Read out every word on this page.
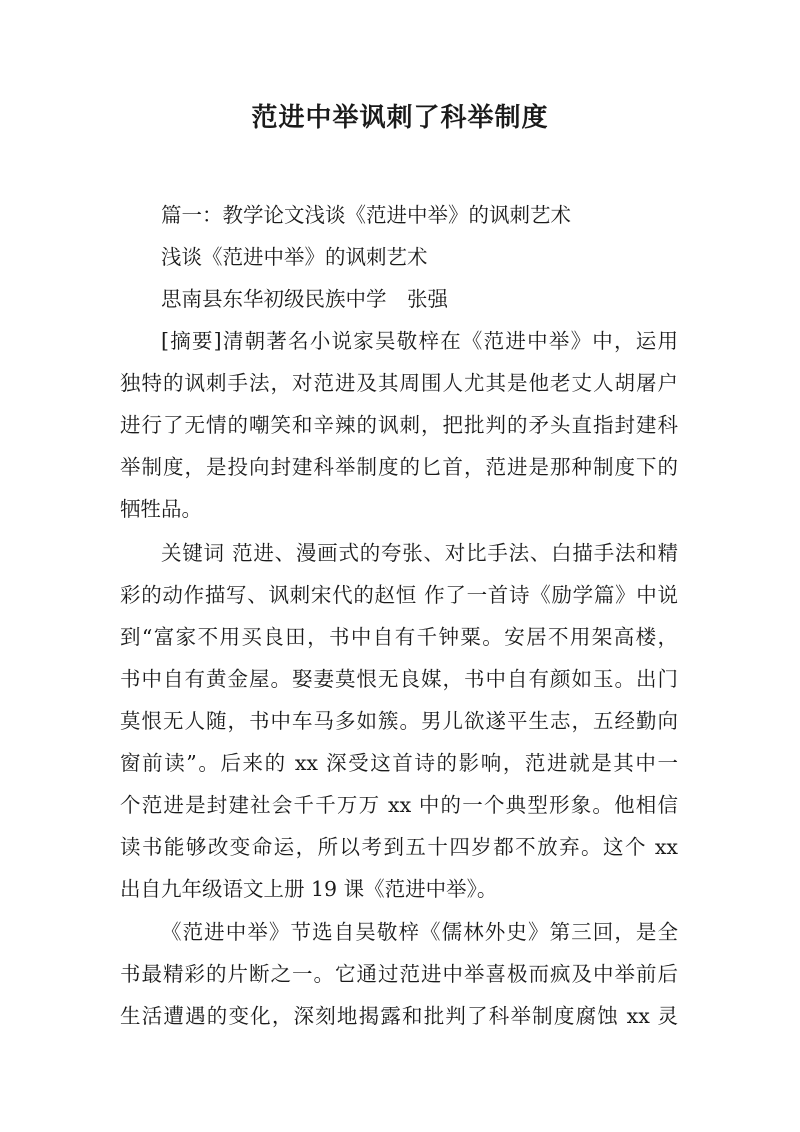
范进中举讽刺了科举制度
篇一：教学论文浅谈《范进中举》的讽刺艺术
浅谈《范进中举》的讽刺艺术
思南县东华初级民族中学　张强
[摘要]清朝著名小说家吴敬梓在《范进中举》中，运用
独特的讽刺手法，对范进及其周围人尤其是他老丈人胡屠户
进行了无情的嘲笑和辛辣的讽刺，把批判的矛头直指封建科
举制度，是投向封建科举制度的匕首，范进是那种制度下的
牺牲品。
关键词 范进、漫画式的夸张、对比手法、白描手法和精
彩的动作描写、讽刺宋代的赵恒 作了一首诗《励学篇》中说
到“富家不用买良田，书中自有千钟粟。安居不用架高楼，
书中自有黄金屋。娶妻莫恨无良媒，书中自有颜如玉。出门
莫恨无人随，书中车马多如簇。男儿欲遂平生志，五经勤向
窗前读”。后来的 xx 深受这首诗的影响，范进就是其中一
个范进是封建社会千千万万 xx 中的一个典型形象。他相信
读书能够改变命运，所以考到五十四岁都不放弃。这个 xx
出自九年级语文上册 19 课《范进中举》。
《范进中举》节选自吴敬梓《儒林外史》第三回，是全
书最精彩的片断之一。它通过范进中举喜极而疯及中举前后
生活遭遇的变化，深刻地揭露和批判了科举制度腐蚀 xx 灵
